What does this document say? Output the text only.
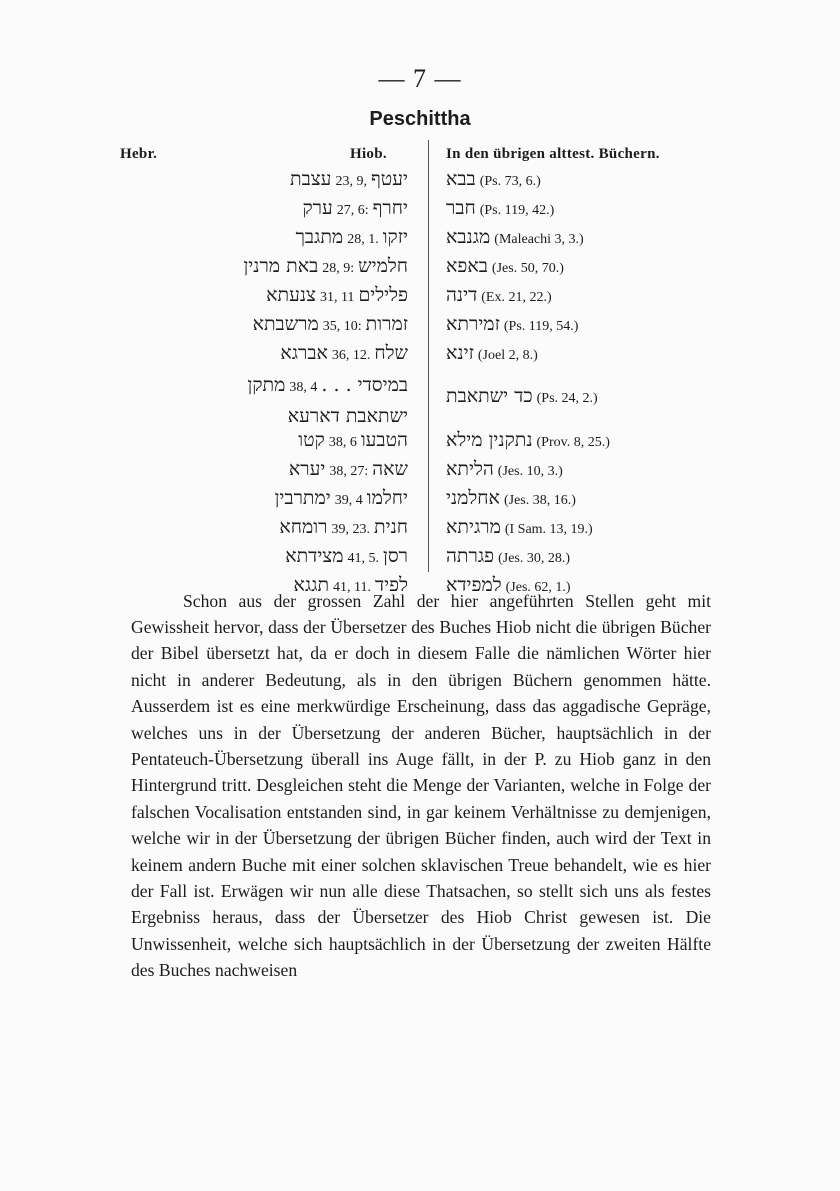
— 7 —
Peschittha
Hebr.	Hiob.	In den übrigen alttest. Büchern.
עצבת 23, 9, יעטף בבא (Ps. 73, 6.)
ערק 27, 6: יחרף חבר (Ps. 119, 42.)
מתגבך 28, 1. יזקו מגנבא (Maleachi 3, 3.)
באת מרנין 28, 9: חלמיש באפא (Jes. 50, 70.)
צנעתא 31, 11 פלילים דינה (Ex. 21, 22.)
מרשבתא 35, 10: זמרות זמירתא (Ps. 119, 54.)
אברגא 36, 12. שלח זינא (Joel 2, 8.)
מתקן 38, 4 במיסדי . . .
ישתאבת דארעא
כד ישתאבת (Ps. 24, 2.)
קטו 38, 6 הטבעו נתקנין מילא (Prov. 8, 25.)
יערא 38, 27: שאה הליתא (Jes. 10, 3.)
ימתרבין 39, 4 יחלמו אחלמני (Jes. 38, 16.)
רומחא 39, 23. חנית מרגיתא (I Sam. 13, 19.)
מצידתא 41, 5. רסן פגרתה (Jes. 30, 28.)
תגגא 41, 11. לפיד למפידא (Jes. 62, 1.)

Schon aus der grossen Zahl der hier angeführten Stellen geht mit Gewissheit hervor, dass der Übersetzer des Buches Hiob nicht die übrigen Bücher der Bibel übersetzt hat, da er doch in diesem Falle die nämlichen Wörter hier nicht in anderer Bedeutung, als in den übrigen Büchern genommen hätte. Ausserdem ist es eine merkwürdige Erscheinung, dass das aggadische Gepräge, welches uns in der Übersetzung der anderen Bücher, hauptsächlich in der Pentateuch-Übersetzung überall ins Auge fällt, in der P. zu Hiob ganz in den Hintergrund tritt. Desgleichen steht die Menge der Varianten, welche in Folge der falschen Vocalisation entstanden sind, in gar keinem Verhältnisse zu demjenigen, welche wir in der Übersetzung der übrigen Bücher finden, auch wird der Text in keinem andern Buche mit einer solchen sklavischen Treue behandelt, wie es hier der Fall ist. Erwägen wir nun alle diese Thatsachen, so stellt sich uns als festes Ergebniss heraus, dass der Übersetzer des Hiob Christ gewesen ist. Die Unwissenheit, welche sich hauptsächlich in der Übersetzung der zweiten Hälfte des Buches nachweisen
